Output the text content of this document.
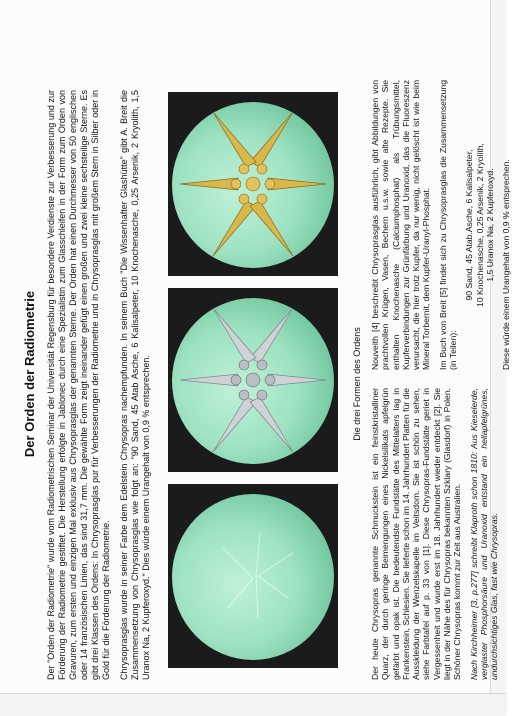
Der Orden der Radiometrie Der "Orden der Radiometrie" wurde vom Radiometrischen Seminar der Universität Regensburg für besondere Verdienste zur Verbesserung und zur Förderung der Radiometrie gestiftet. Die Herstellung erfolgte in Jablonec durch eine Spezialistin zum Glasschleifen in der Form zum Orden von Gravuren, zum ersten und einzigen Mal exklusiv aus Chrysoprasglas der genannten Sterne. Der Orden hat einen Durchmesser von 50 englischen oder 14 französischen Linien, das sind 31,7 mm. Die gewählte Form zeigt ineinander gefügt einen großen und zwei kleine sechsteilige Sterne. Es gibt drei Klassen des Ordens: In Chrysoprasglas pur für Verbesserungen der Radiometrie und in Chrysoprasglas mit großem Stern in Silber oder in Gold für die Förderung der Radiometrie. Chrysoprasglas wurde in seiner Farbe dem Edelstein Chrysopras nachempfunden. In seinem Buch "Die Wissenhafter Glashütte" gibt A. Breit die Zusammensetzung von Chrysoprasglas wie folgt an: "90 Sand, 45 Atab Asche, 6 Kalisalpeter, 10 Knochenasche, 0,25 Arsenik, 2 Kryolith, 1,5 Uranox Na, 2 Kupferoxyd." Dies würde einem Urangehalt von 0,9 % entsprechen.	Die drei Formen des Ordens

Der heute Chrysopras genannte Schmuckstein ist ein feinstkristalliner Quarz, der durch geringe Beimengungen eines Nickelsilikats apfelgrün gefärbt und opak ist. Die bedeutendste Fundstätte des Mittelalters lag in Frankenstein, Schlesien. Sie lieferte schon im 14. Jahrhundert Platten für die Ausskleidung der Wenzelskapelle im Veitsdom. Sie ist schön zu sehen, siehe Farbtafel auf p. 33 von [1]. Diese Chrysopras-Fundstätte geriet in Vergessenheit und wurde erst im 18. Jahrhundert wieder entdeckt [2]. Sie liegt in der Nähe des für Chrysopras bekannten Szklary (Glasdorf) in Polen. Schöner Chrysopras kommt zur Zeit aus Australien. Nach Kirchheimer [3, p.277] schreibt Klaproth schon 1810: Aus Kieselerde, verglaster Phosphorsäure und Uranoxid entstand ein hellapfelgrünes, undurchsichtiges Glas, fast wie Chrysopras.

Nouveith [4] beschreibt Chrysoprasglas ausführlich, gibt Abbildungen von prachtvollen Krügen, Vasen, Bechern u.s.w. sowie alte Rezepte. Sie enthalten Knochenasche (Calciumphosphat) als Trübungsmittel, Kupferverbindungen zur Grünfärbung und Uranoxid, das die Fluoreszenz verursacht, die hier trotz Kupfer, da nur wenig, nicht gelöscht ist wie beim Mineral Torbernit, dem Kupfer-Uranyl-Phosphat. Im Buch von Breit [5] findet sich zu Chrysoprasglas die Zusammensetzung (in Teilen):

90 Sand, 45 Atab.Asche, 6 Kalisalpeter,
10 Knochenasche, 0,25 Arsenik, 2 Kryolith,
1,5 Uranox Na, 2 Kupferoxyd. Diese würde einem Urangehalt von 0,9 % entsprechen.
